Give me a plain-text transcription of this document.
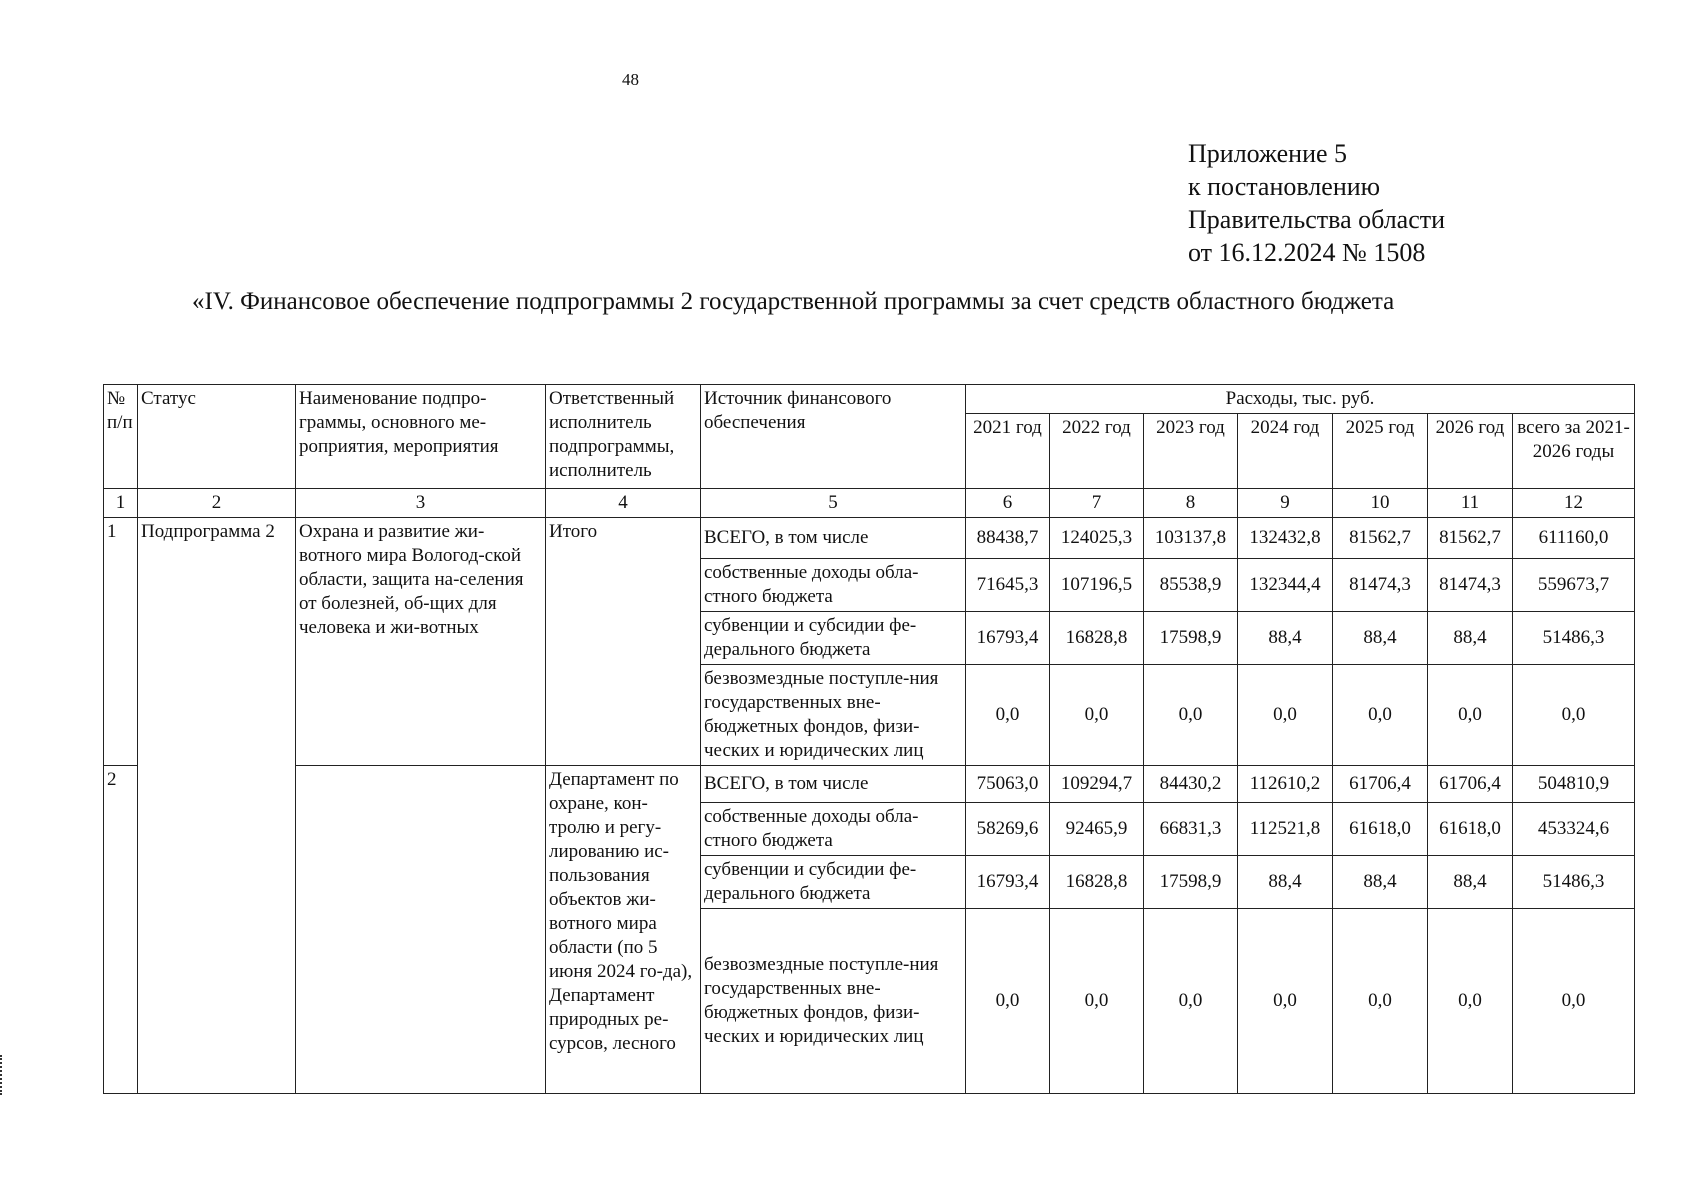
48
Приложение 5
к постановлению
Правительства области
от 16.12.2024 № 1508
«IV. Финансовое обеспечение подпрограммы 2 государственной программы за счет средств областного бюджета
№ п/п	Статус	Наименование подпро-граммы, основного ме-роприятия, мероприятия	Ответственный исполнитель подпрограммы, исполнитель	Источник финансового обеспечения	Расходы, тыс. руб.						
					2021 год	2022 год	2023 год	2024 год	2025 год	2026 год	всего за 2021-2026 годы
1	2	3	4	5	6	7	8	9	10	11	12
1	Подпрограмма 2	Охрана и развитие жи-вотного мира Вологод-ской области, защита на-селения от болезней, об-щих для человека и жи-вотных	Итого	ВСЕГО, в том числе	88438,7	124025,3	103137,8	132432,8	81562,7	81562,7	611160,0
				собственные доходы обла-стного бюджета	71645,3	107196,5	85538,9	132344,4	81474,3	81474,3	559673,7
				субвенции и субсидии фе-дерального бюджета	16793,4	16828,8	17598,9	88,4	88,4	88,4	51486,3
				безвозмездные поступле-ния государственных вне-бюджетных фондов, физи-ческих и юридических лиц	0,0	0,0	0,0	0,0	0,0	0,0	0,0
2			Департамент по охране, кон-тролю и регу-лированию ис-пользования объектов жи-вотного мира области (по 5 июня 2024 го-да), Департамент природных ре-сурсов, лесного	ВСЕГО, в том числе	75063,0	109294,7	84430,2	112610,2	61706,4	61706,4	504810,9
				собственные доходы обла-стного бюджета	58269,6	92465,9	66831,3	112521,8	61618,0	61618,0	453324,6
				субвенции и субсидии фе-дерального бюджета	16793,4	16828,8	17598,9	88,4	88,4	88,4	51486,3
				безвозмездные поступле-ния государственных вне-бюджетных фондов, физи-ческих и юридических лиц	0,0	0,0	0,0	0,0	0,0	0,0	0,0
